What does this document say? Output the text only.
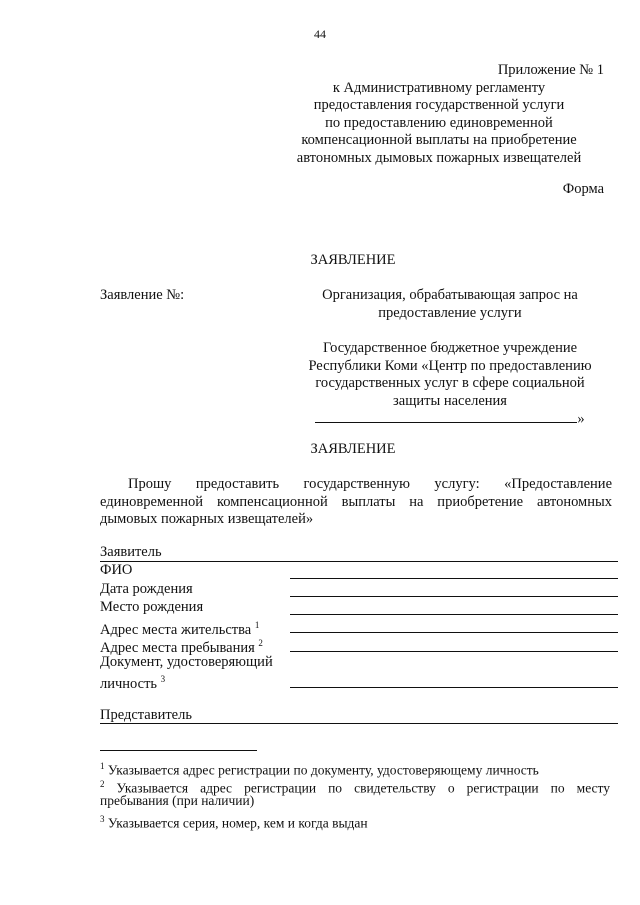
44
Приложение № 1
к Административному регламенту
предоставления государственной услуги
по предоставлению единовременной
компенсационной выплаты на приобретение
автономных дымовых пожарных извещателей
Форма
ЗАЯВЛЕНИЕ
Заявление №:	Организация, обрабатывающая запрос на
предоставление услуги
Государственное бюджетное учреждение
Республики Коми «Центр по предоставлению
государственных услуг в сфере социальной
защиты населения
»
ЗАЯВЛЕНИЕ
Прошу предоставить государственную услугу: «Предоставление
единовременной компенсационной выплаты на приобретение автономных
дымовых пожарных извещателей»
Заявитель
ФИО
Дата рождения
Место рождения
Адрес места жительства $^1$
Адрес места пребывания $^2$
Документ, удостоверяющий
личность $^3$
Представитель
$^1$ Указывается адрес регистрации по документу, удостоверяющему личность
$^2$ Указывается адрес регистрации по свидетельству о регистрации по месту
пребывания (при наличии)
$^3$ Указывается серия, номер, кем и когда выдан
